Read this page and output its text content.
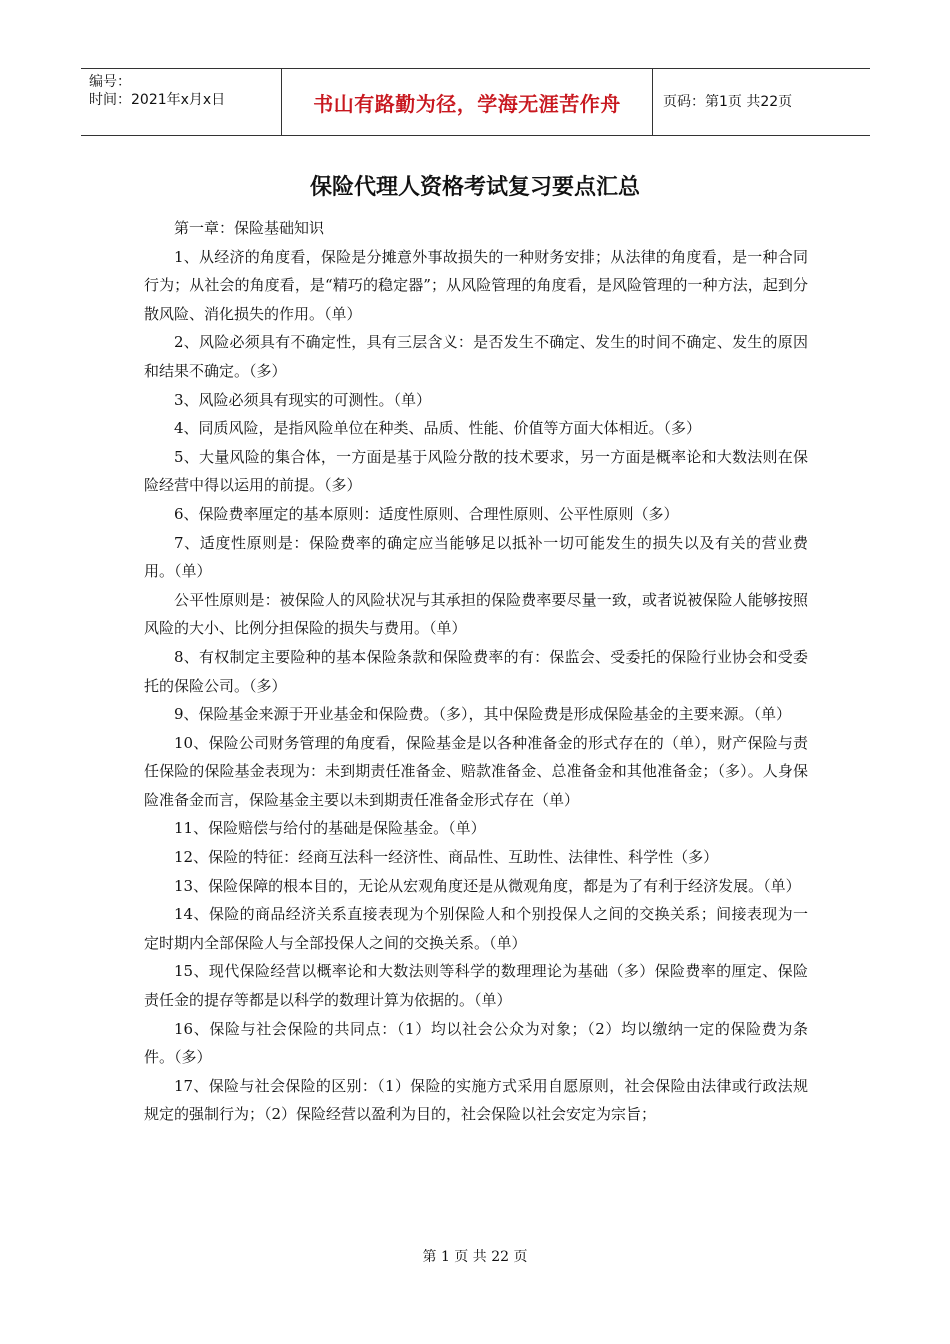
编号：
时间：2021年x月x日	书山有路勤为径，学海无涯苦作舟	页码：第1页 共22页
保险代理人资格考试复习要点汇总

第一章：保险基础知识

1、从经济的角度看，保险是分摊意外事故损失的一种财务安排；从法律的角度看，是一种合同行为；从社会的角度看，是“精巧的稳定器”；从风险管理的角度看，是风险管理的一种方法，起到分散风险、消化损失的作用。（单）

2、风险必须具有不确定性，具有三层含义：是否发生不确定、发生的时间不确定、发生的原因和结果不确定。（多）

3、风险必须具有现实的可测性。（单）

4、同质风险，是指风险单位在种类、品质、性能、价值等方面大体相近。（多）

5、大量风险的集合体，一方面是基于风险分散的技术要求，另一方面是概率论和大数法则在保险经营中得以运用的前提。（多）

6、保险费率厘定的基本原则：适度性原则、合理性原则、公平性原则（多）

7、适度性原则是：保险费率的确定应当能够足以抵补一切可能发生的损失以及有关的营业费用。（单）

公平性原则是：被保险人的风险状况与其承担的保险费率要尽量一致，或者说被保险人能够按照风险的大小、比例分担保险的损失与费用。（单）

8、有权制定主要险种的基本保险条款和保险费率的有：保监会、受委托的保险行业协会和受委托的保险公司。（多）

9、保险基金来源于开业基金和保险费。（多），其中保险费是形成保险基金的主要来源。（单）

10、保险公司财务管理的角度看，保险基金是以各种准备金的形式存在的（单），财产保险与责任保险的保险基金表现为：未到期责任准备金、赔款准备金、总准备金和其他准备金；（多）。人身保险准备金而言，保险基金主要以未到期责任准备金形式存在（单）

11、保险赔偿与给付的基础是保险基金。（单）

12、保险的特征：经商互法科一经济性、商品性、互助性、法律性、科学性（多）

13、保险保障的根本目的，无论从宏观角度还是从微观角度，都是为了有利于经济发展。（单）

14、保险的商品经济关系直接表现为个别保险人和个别投保人之间的交换关系；间接表现为一定时期内全部保险人与全部投保人之间的交换关系。（单）

15、现代保险经营以概率论和大数法则等科学的数理理论为基础（多）保险费率的厘定、保险责任金的提存等都是以科学的数理计算为依据的。（单）

16、保险与社会保险的共同点：（1）均以社会公众为对象；（2）均以缴纳一定的保险费为条件。（多）

17、保险与社会保险的区别：（1）保险的实施方式采用自愿原则，社会保险由法律或行政法规规定的强制行为；（2）保险经营以盈利为目的，社会保险以社会安定为宗旨；

第 1 页 共 22 页
